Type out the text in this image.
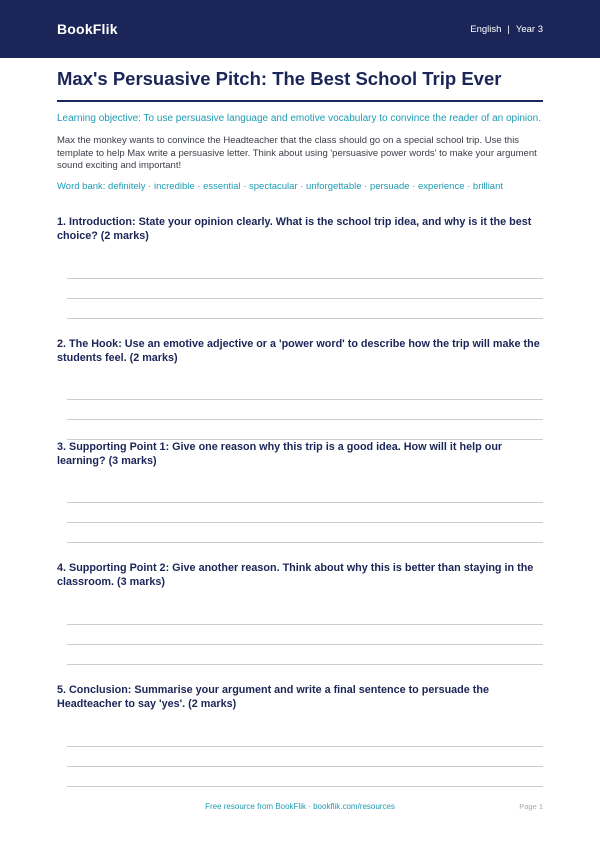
BookFlik	English | Year 3
Max's Persuasive Pitch: The Best School Trip Ever

Learning objective: To use persuasive language and emotive vocabulary to convince the reader of an opinion.

Max the monkey wants to convince the Headteacher that the class should go on a special school trip. Use this template to help Max write a persuasive letter. Think about using 'persuasive power words' to make your argument sound exciting and important!

Word bank: definitely · incredible · essential · spectacular · unforgettable · persuade · experience · brilliant

1. Introduction: State your opinion clearly. What is the school trip idea, and why is it the best choice? (2 marks)

2. The Hook: Use an emotive adjective or a 'power word' to describe how the trip will make the students feel. (2 marks)

3. Supporting Point 1: Give one reason why this trip is a good idea. How will it help our learning? (3 marks)

4. Supporting Point 2: Give another reason. Think about why this is better than staying in the classroom. (3 marks)

5. Conclusion: Summarise your argument and write a final sentence to persuade the Headteacher to say 'yes'. (2 marks)

Free resource from BookFlik · bookflik.com/resources	Page 1
